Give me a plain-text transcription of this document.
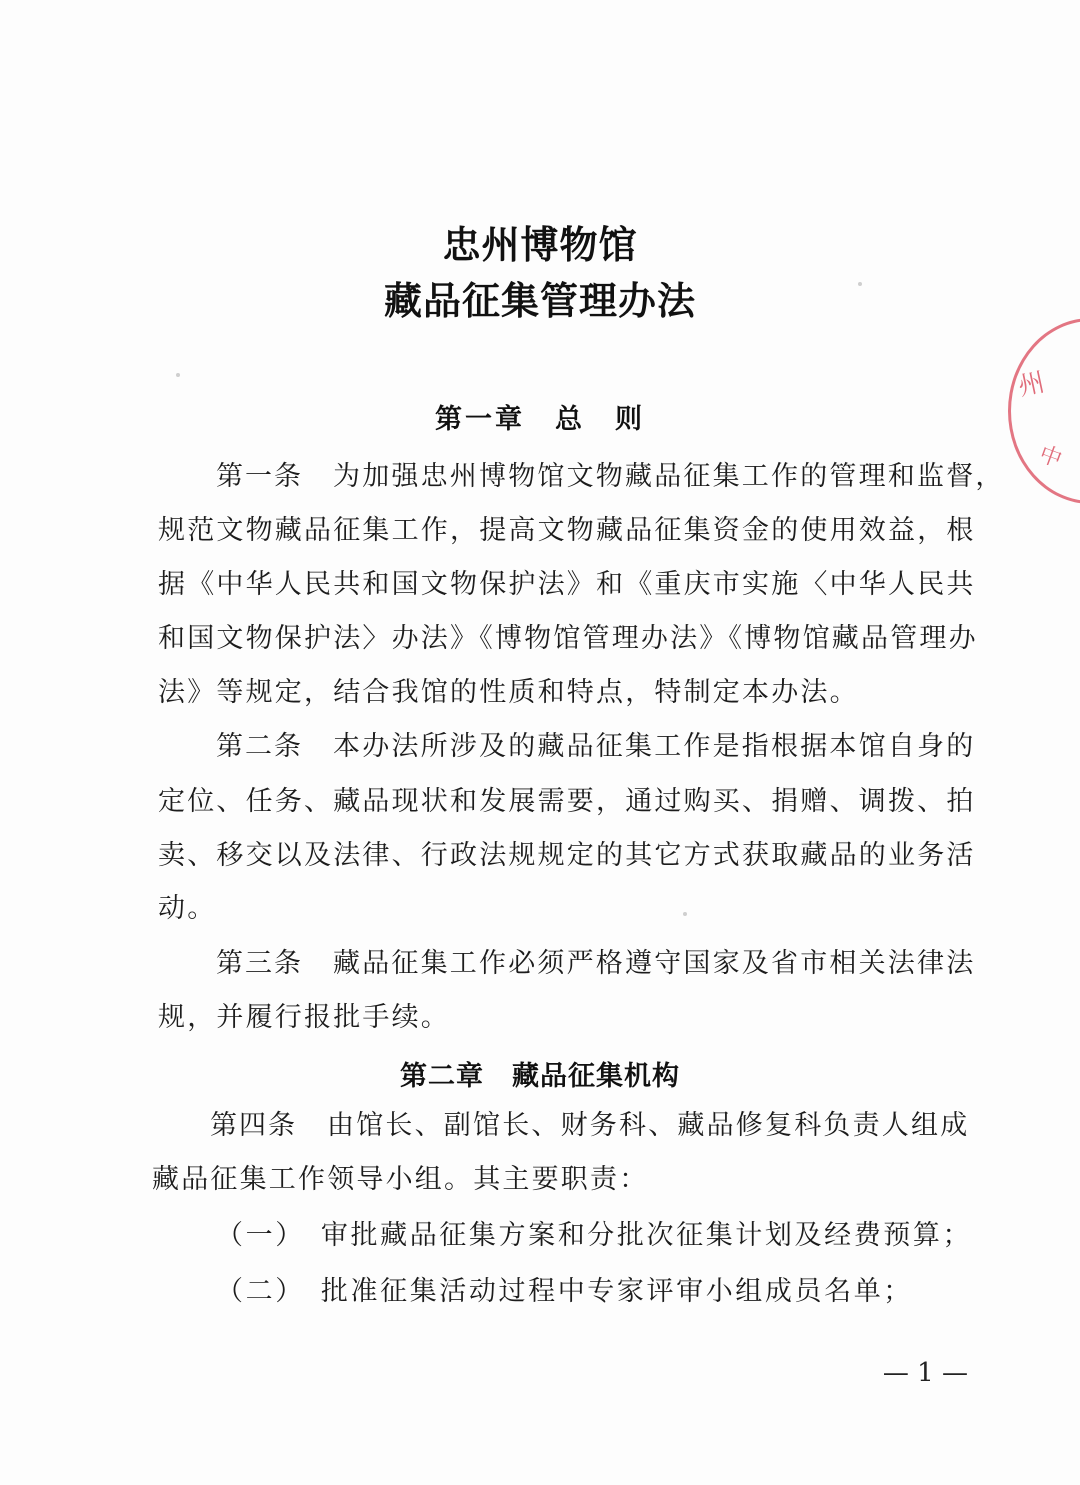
忠州博物馆
藏品征集管理办法
第一章　总　则

第一条 为加强忠州博物馆文物藏品征集工作的管理和监督，

规范文物藏品征集工作，提高文物藏品征集资金的使用效益，根

据《中华人民共和国文物保护法》和《重庆市实施〈中华人民共

和国文物保护法〉办法》《博物馆管理办法》《博物馆藏品管理办

法》等规定，结合我馆的性质和特点，特制定本办法。

第二条 本办法所涉及的藏品征集工作是指根据本馆自身的

定位、任务、藏品现状和发展需要，通过购买、捐赠、调拨、拍

卖、移交以及法律、行政法规规定的其它方式获取藏品的业务活

动。

第三条 藏品征集工作必须严格遵守国家及省市相关法律法

规，并履行报批手续。

第二章　藏品征集机构

第四条 由馆长、副馆长、财务科、藏品修复科负责人组成

藏品征集工作领导小组。其主要职责：

（一）　审批藏品征集方案和分批次征集计划及经费预算；

（二）　批准征集活动过程中专家评审小组成员名单；

— 1 —
州
中
